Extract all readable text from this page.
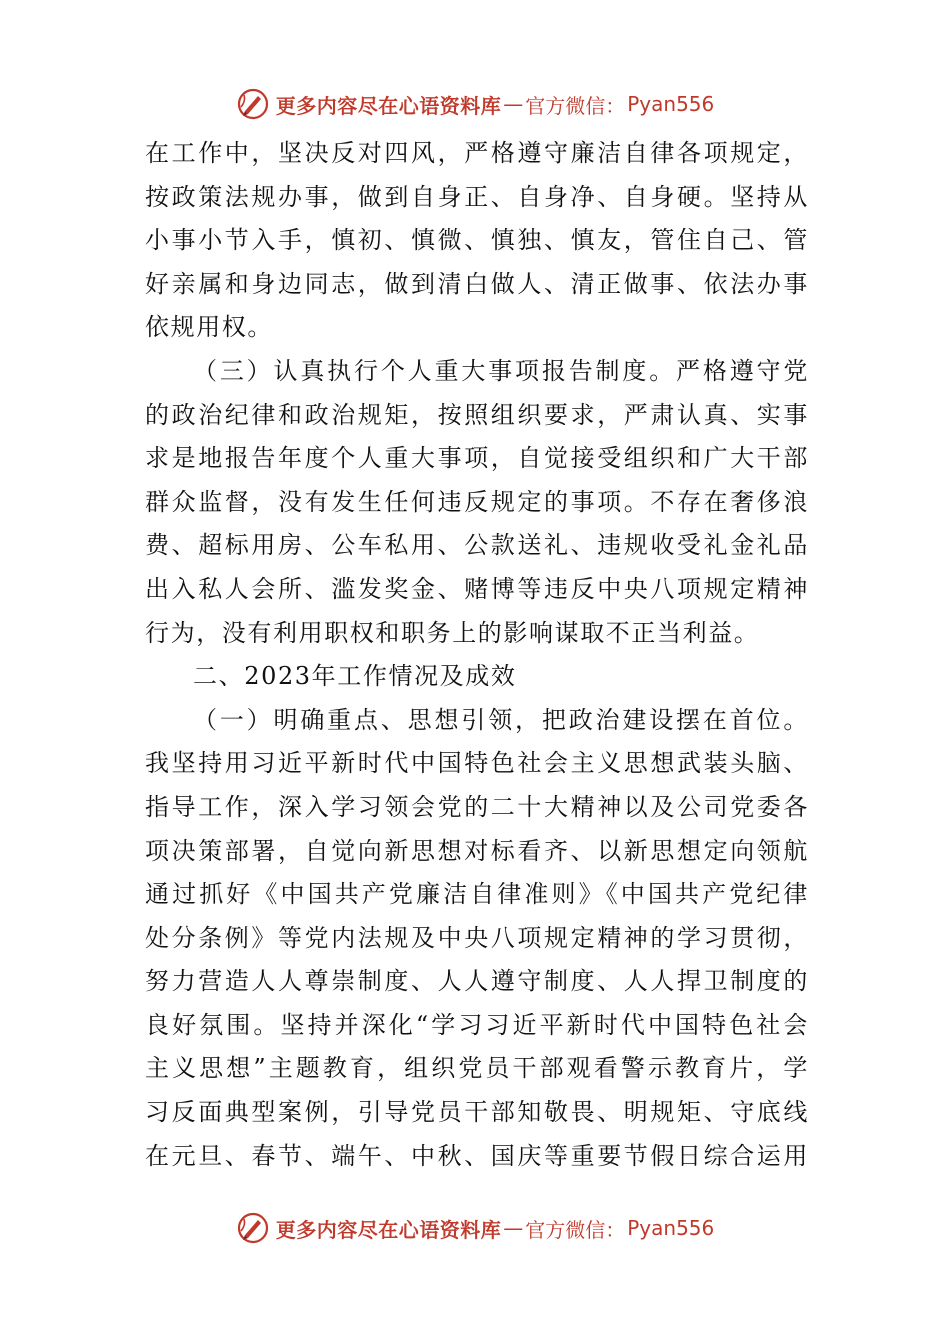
更多内容尽在心语资料库 — 官方微信： Pyan556
在工作中，坚决反对四风，严格遵守廉洁自律各项规定，
按政策法规办事，做到自身正、自身净、自身硬。坚持从
小事小节入手，慎初、慎微、慎独、慎友，管住自己、管
好亲属和身边同志，做到清白做人、清正做事、依法办事
依规用权。
（三）认真执行个人重大事项报告制度。严格遵守党
的政治纪律和政治规矩，按照组织要求，严肃认真、实事
求是地报告年度个人重大事项，自觉接受组织和广大干部
群众监督，没有发生任何违反规定的事项。不存在奢侈浪
费、超标用房、公车私用、公款送礼、违规收受礼金礼品
出入私人会所、滥发奖金、赌博等违反中央八项规定精神
行为，没有利用职权和职务上的影响谋取不正当利益。
二、2023年工作情况及成效
（一）明确重点、思想引领，把政治建设摆在首位。
我坚持用习近平新时代中国特色社会主义思想武装头脑、
指导工作，深入学习领会党的二十大精神以及公司党委各
项决策部署，自觉向新思想对标看齐、以新思想定向领航
通过抓好《中国共产党廉洁自律准则》《中国共产党纪律
处分条例》等党内法规及中央八项规定精神的学习贯彻，
努力营造人人尊崇制度、人人遵守制度、人人捍卫制度的
良好氛围。坚持并深化“学习习近平新时代中国特色社会
主义思想”主题教育，组织党员干部观看警示教育片，学
习反面典型案例，引导党员干部知敬畏、明规矩、守底线
在元旦、春节、端午、中秋、国庆等重要节假日综合运用
更多内容尽在心语资料库 — 官方微信： Pyan556
